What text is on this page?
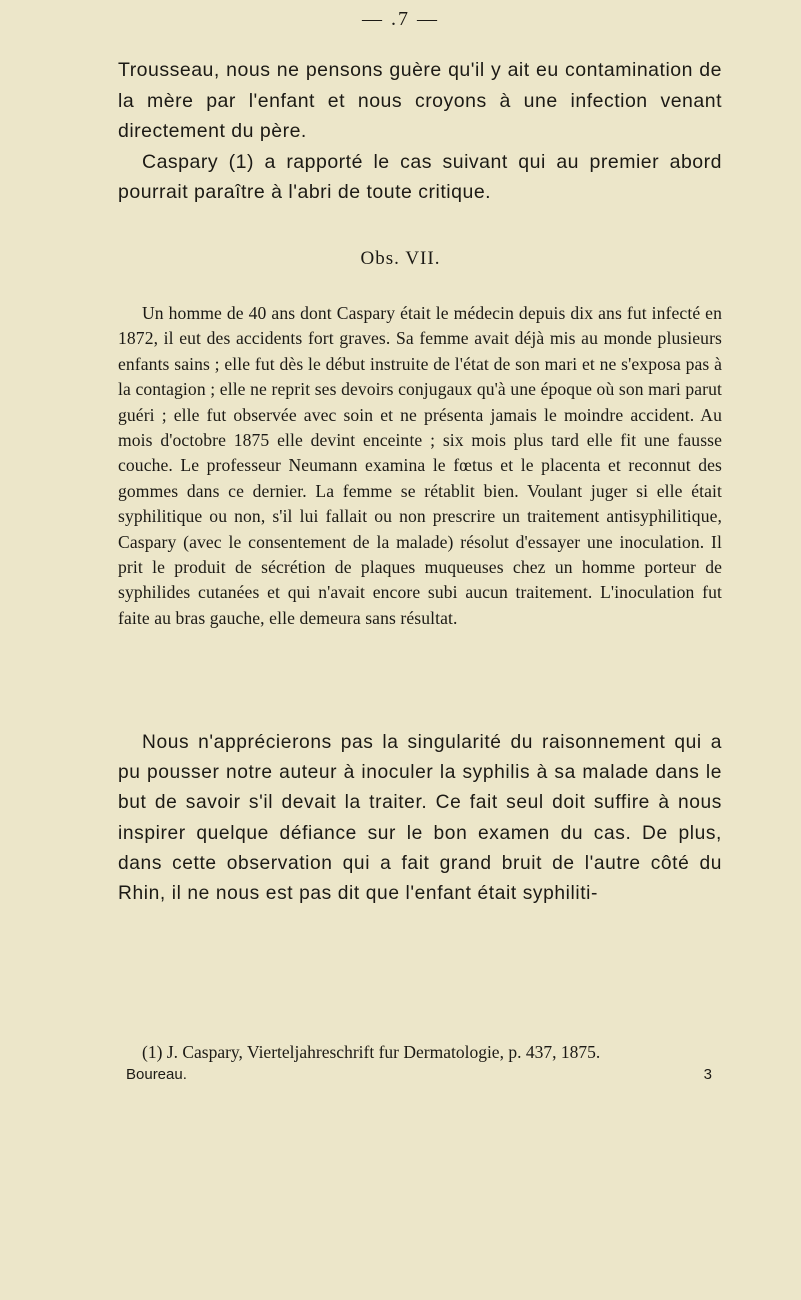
— .7 —

Trousseau, nous ne pensons guère qu'il y ait eu contamination de la mère par l'enfant et nous croyons à une infection venant directement du père.

Caspary (1) a rapporté le cas suivant qui au premier abord pourrait paraître à l'abri de toute critique.

Obs. VII.

Un homme de 40 ans dont Caspary était le médecin depuis dix ans fut infecté en 1872, il eut des accidents fort graves. Sa femme avait déjà mis au monde plusieurs enfants sains ; elle fut dès le début instruite de l'état de son mari et ne s'exposa pas à la contagion ; elle ne reprit ses devoirs conjugaux qu'à une époque où son mari parut guéri ; elle fut observée avec soin et ne présenta jamais le moindre accident. Au mois d'octobre 1875 elle devint enceinte ; six mois plus tard elle fit une fausse couche. Le professeur Neumann examina le fœtus et le placenta et reconnut des gommes dans ce dernier. La femme se rétablit bien. Voulant juger si elle était syphilitique ou non, s'il lui fallait ou non prescrire un traitement antisyphilitique, Caspary (avec le consentement de la malade) résolut d'essayer une inoculation. Il prit le produit de sécrétion de plaques muqueuses chez un homme porteur de syphilides cutanées et qui n'avait encore subi aucun traitement. L'inoculation fut faite au bras gauche, elle demeura sans résultat.

Nous n'apprécierons pas la singularité du raisonnement qui a pu pousser notre auteur à inoculer la syphilis à sa malade dans le but de savoir s'il devait la traiter. Ce fait seul doit suffire à nous inspirer quelque défiance sur le bon examen du cas. De plus, dans cette observation qui a fait grand bruit de l'autre côté du Rhin, il ne nous est pas dit que l'enfant était syphiliti-

(1) J. Caspary, Vierteljahreschrift fur Dermatologie, p. 437, 1875.

Boureau.	3
